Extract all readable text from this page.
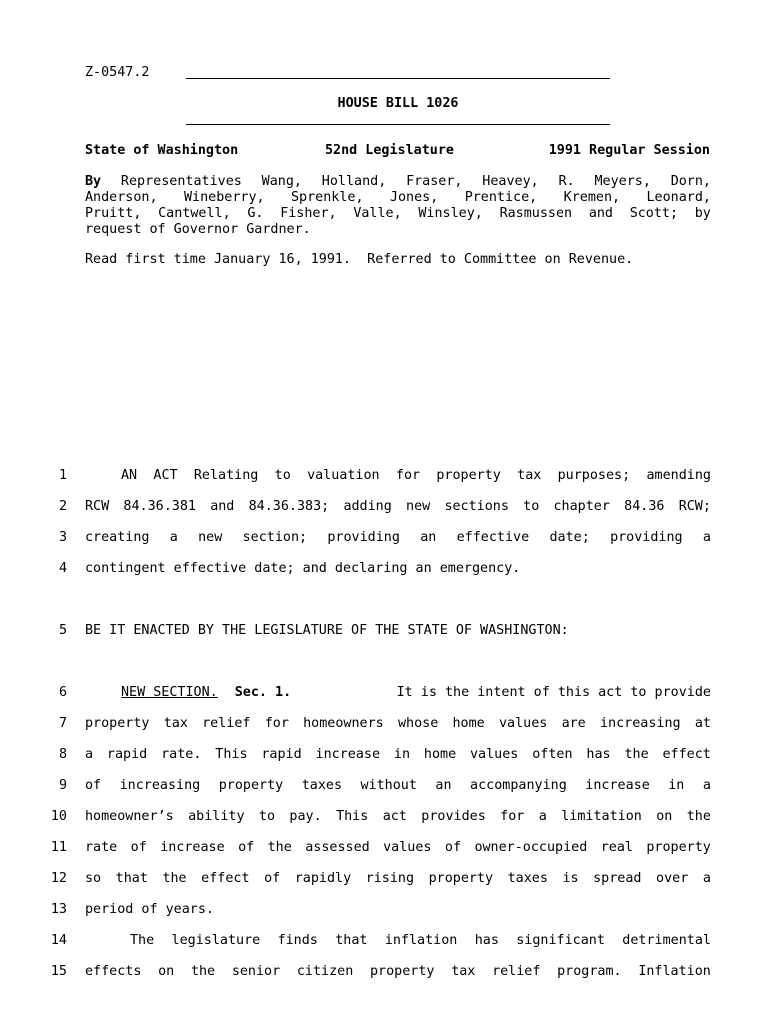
Z-0547.2
HOUSE BILL 1026
State of Washington	52nd Legislature	1991 Regular Session
By Representatives Wang, Holland, Fraser, Heavey, R. Meyers, Dorn,
Anderson, Wineberry, Sprenkle, Jones, Prentice, Kremen, Leonard,
Pruitt, Cantwell, G. Fisher, Valle, Winsley, Rasmussen and Scott; by
request of Governor Gardner.
Read first time January 16, 1991.  Referred to Committee on Revenue.
1	AN ACT Relating to valuation for property tax purposes; amending
2 RCW 84.36.381 and 84.36.383; adding new sections to chapter 84.36 RCW;
3 creating a new section; providing an effective date; providing a
4 contingent effective date; and declaring an emergency.
5 BE IT ENACTED BY THE LEGISLATURE OF THE STATE OF WASHINGTON:
6	NEW SECTION. Sec. 1.	It is the intent of this act to provide
7 property tax relief for homeowners whose home values are increasing at
8 a rapid rate. This rapid increase in home values often has the effect
9 of increasing property taxes without an accompanying increase in a
10 homeowner’s ability to pay. This act provides for a limitation on the
11 rate of increase of the assessed values of owner-occupied real property
12 so that the effect of rapidly rising property taxes is spread over a
13 period of years.
14	The legislature finds that inflation has significant detrimental
15 effects on the senior citizen property tax relief program. Inflation
